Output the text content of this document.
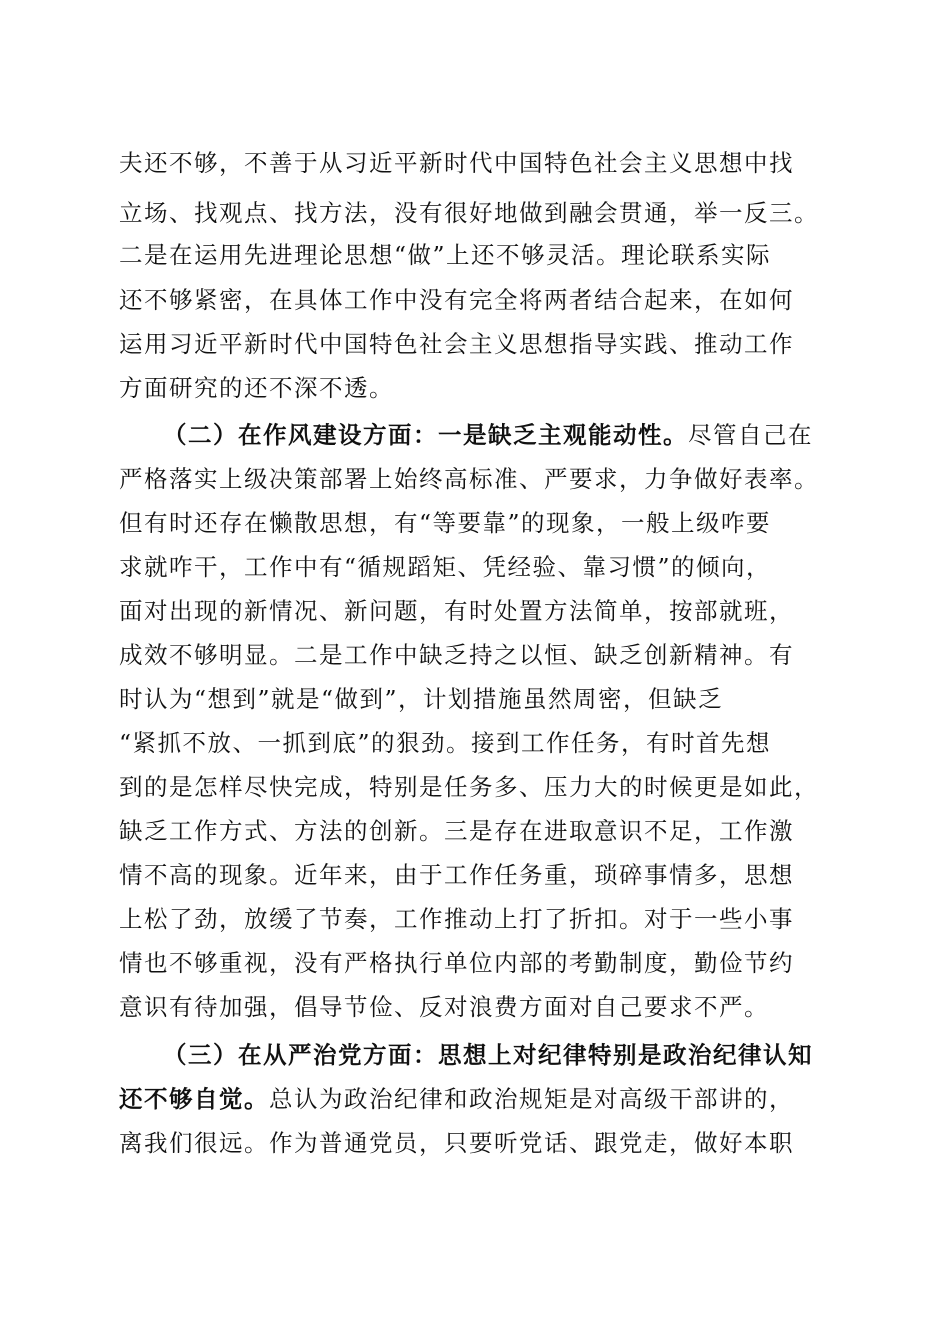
夫还不够，不善于从习近平新时代中国特色社会主义思想中找
立场、找观点、找方法，没有很好地做到融会贯通，举一反三。
二是在运用先进理论思想“做”上还不够灵活。理论联系实际
还不够紧密，在具体工作中没有完全将两者结合起来，在如何
运用习近平新时代中国特色社会主义思想指导实践、推动工作
方面研究的还不深不透。
（二）在作风建设方面：一是缺乏主观能动性。尽管自己在
严格落实上级决策部署上始终高标准、严要求，力争做好表率。
但有时还存在懒散思想，有“等要靠”的现象，一般上级咋要
求就咋干，工作中有“循规蹈矩、凭经验、靠习惯”的倾向，
面对出现的新情况、新问题，有时处置方法简单，按部就班，
成效不够明显。二是工作中缺乏持之以恒、缺乏创新精神。有
时认为“想到”就是“做到”，计划措施虽然周密，但缺乏
“紧抓不放、一抓到底”的狠劲。接到工作任务，有时首先想
到的是怎样尽快完成，特别是任务多、压力大的时候更是如此，
缺乏工作方式、方法的创新。三是存在进取意识不足，工作激
情不高的现象。近年来，由于工作任务重，琐碎事情多，思想
上松了劲，放缓了节奏，工作推动上打了折扣。对于一些小事
情也不够重视，没有严格执行单位内部的考勤制度，勤俭节约
意识有待加强，倡导节俭、反对浪费方面对自己要求不严。
（三）在从严治党方面：思想上对纪律特别是政治纪律认知
还不够自觉。总认为政治纪律和政治规矩是对高级干部讲的，
离我们很远。作为普通党员，只要听党话、跟党走，做好本职
